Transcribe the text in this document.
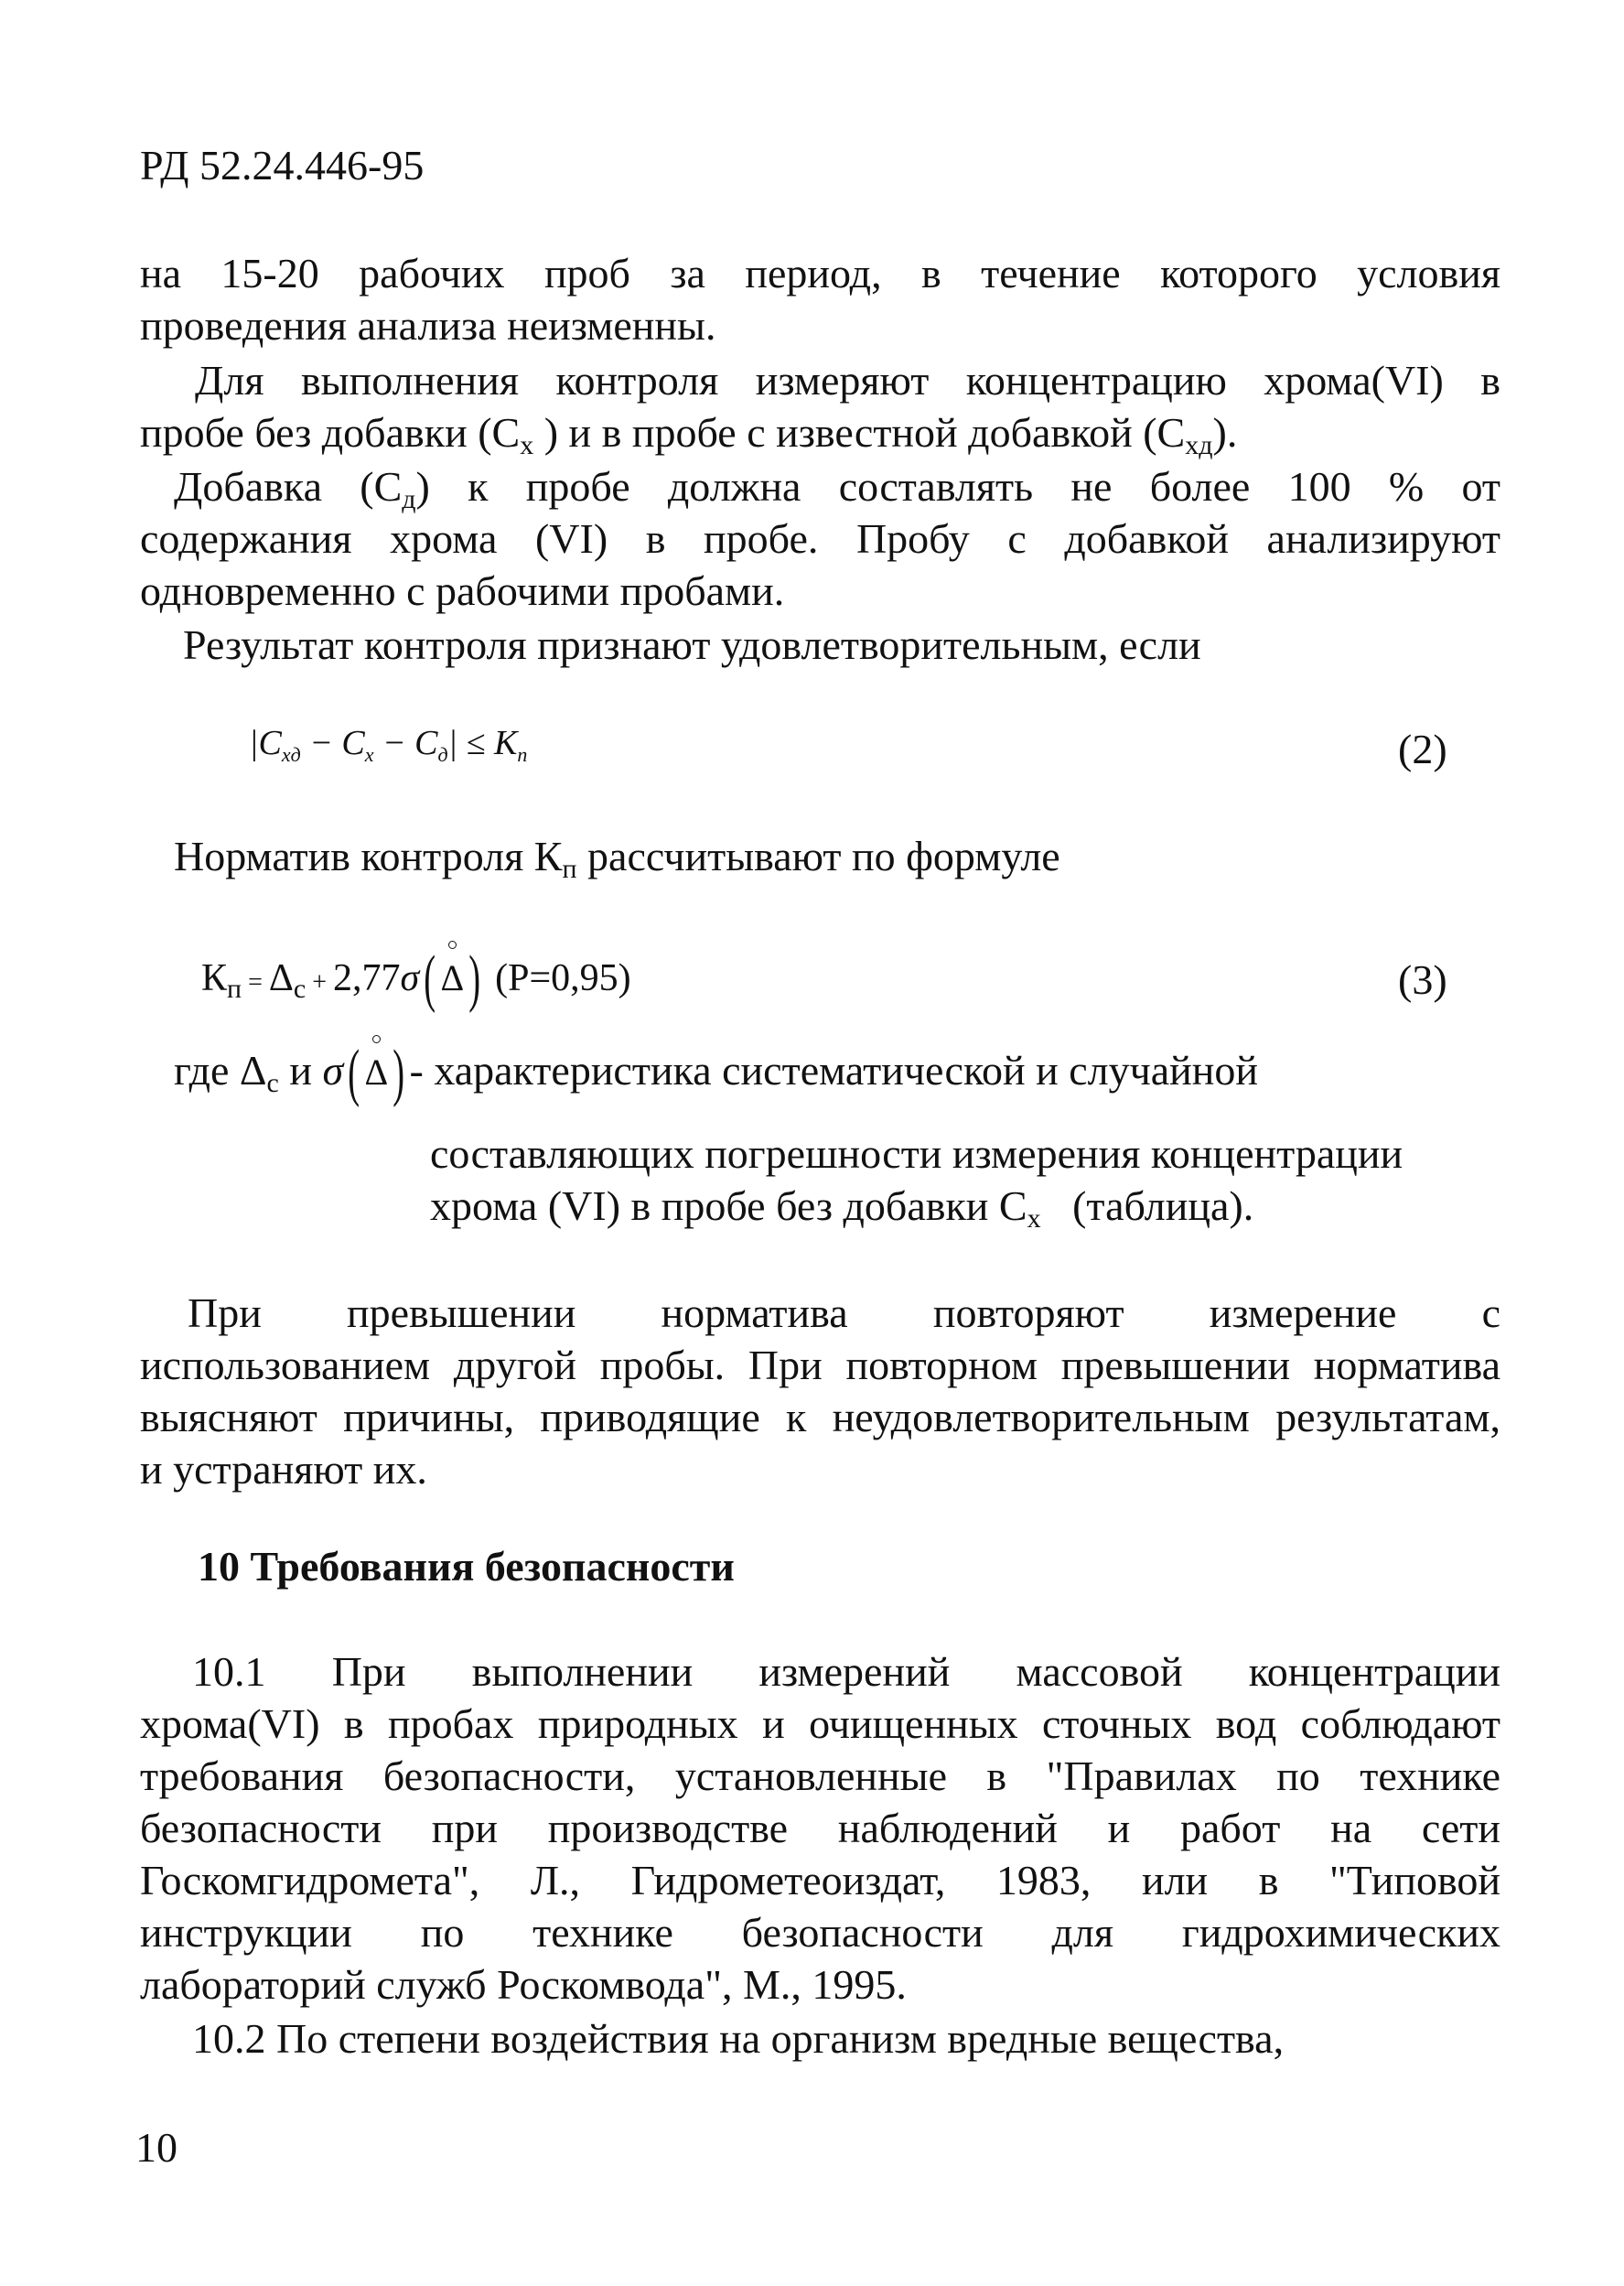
РД 52.24.446-95
на 15-20 рабочих проб за период, в течение которого условия
проведения анализа неизменны.
Для выполнения контроля измеряют концентрацию хрома(VI) в
пробе без добавки ($С_х$ ) и в пробе с известной добавкой $(С_{хд})$.
Добавка $(С_д)$ к пробе должна составлять не более 100 % от
содержания хрома (VI) в пробе. Пробу с добавкой анализируют
одновременно с рабочими пробами.
Результат контроля признают удовлетворительным, если
$|C_{xд} - C_x - C_д| \le K_п$	(2)
Норматив контроля $К_п$ рассчитывают по формуле
$К_п = \Delta_с + 2,77\sigma$( Δ) (Р=0,95)	(3)
где $\Delta_с$ и σ( Δ) - характеристика систематической и случайной
составляющих погрешности измерения концентрации
хрома (VI) в пробе без добавки $С_х$   (таблица).
При превышении норматива повторяют измерение с
использованием другой пробы. При повторном превышении норматива
выясняют причины, приводящие к неудовлетворительным результатам,
и устраняют их.
10 Требования безопасности
10.1 При выполнении измерений массовой концентрации
хрома(VI) в пробах природных и очищенных сточных вод соблюдают
требования безопасности, установленные в "Правилах по технике
безопасности при производстве наблюдений и работ на сети
Госкомгидромета", Л., Гидрометеоиздат, 1983, или в "Типовой
инструкции по технике безопасности для гидрохимических
лабораторий служб Роскомвода", М., 1995.
10.2 По степени воздействия на организм вредные вещества,
10
